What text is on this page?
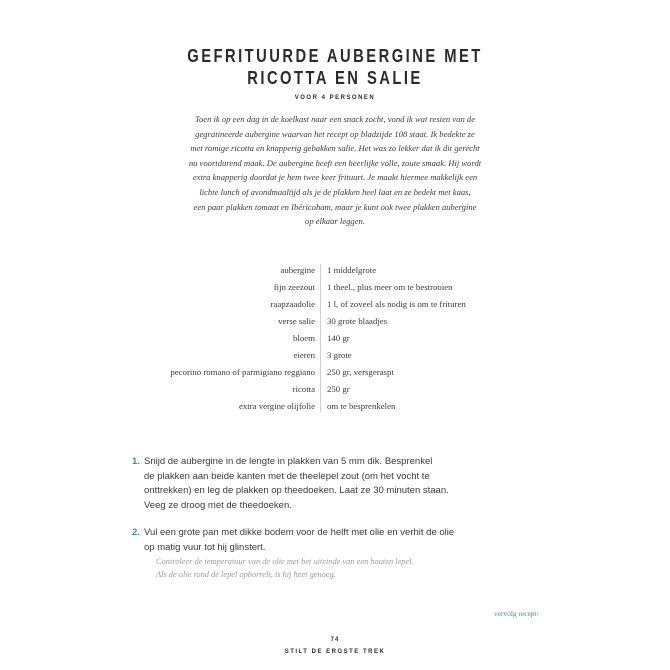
GEFRITUURDE AUBERGINE MET
RICOTTA EN SALIE
VOOR 4 PERSONEN
Toen ik op een dag in de koelkast naar een snack zocht, vond ik wat resten van de
gegratineerde aubergine waarvan het recept op bladzijde 108 staat. Ik bedekte ze
met romige ricotta en knapperig gebakken salie. Het was zo lekker dat ik dit gerecht
nu voortdurend maak. De aubergine heeft een heerlijke volle, zoute smaak. Hij wordt
extra knapperig doordat je hem twee keer frituurt. Je maakt hiermee makkelijk een
lichte lunch of avondmaaltijd als je de plakken heel laat en ze bedekt met kaas,
een paar plakken tomaat en Ibéricoham, maar je kunt ook twee plakken aubergine
op elkaar leggen.
aubergine 1 middelgrote
fijn zeezout 1 theel., plus meer om te bestrooien
raapzaadolie 1 l, of zoveel als nodig is om te frituren
verse salie 30 grote blaadjes
bloem 140 gr
eieren 3 grote
pecorino romano of parmigiano reggiano 250 gr, versgeraspt
ricotta 250 gr
extra vergine olijfolie om te besprenkelen
1. Snijd de aubergine in de lengte in plakken van 5 mm dik. Besprenkel
de plakken aan beide kanten met de theelepel zout (om het vocht te
onttrekken) en leg de plakken op theedoeken. Laat ze 30 minuten staan.
Veeg ze droog met de theedoeken.
2. Vul een grote pan met dikke bodem voor de helft met olie en verhit de olie
op matig vuur tot hij glinstert.
Controleer de temperatuur van de olie met het uiteinde van een houten lepel.
Als de olie rond de lepel opborrelt, is hij heet genoeg.
vervolg recept›
74
STILT DE ERGSTE TREK
